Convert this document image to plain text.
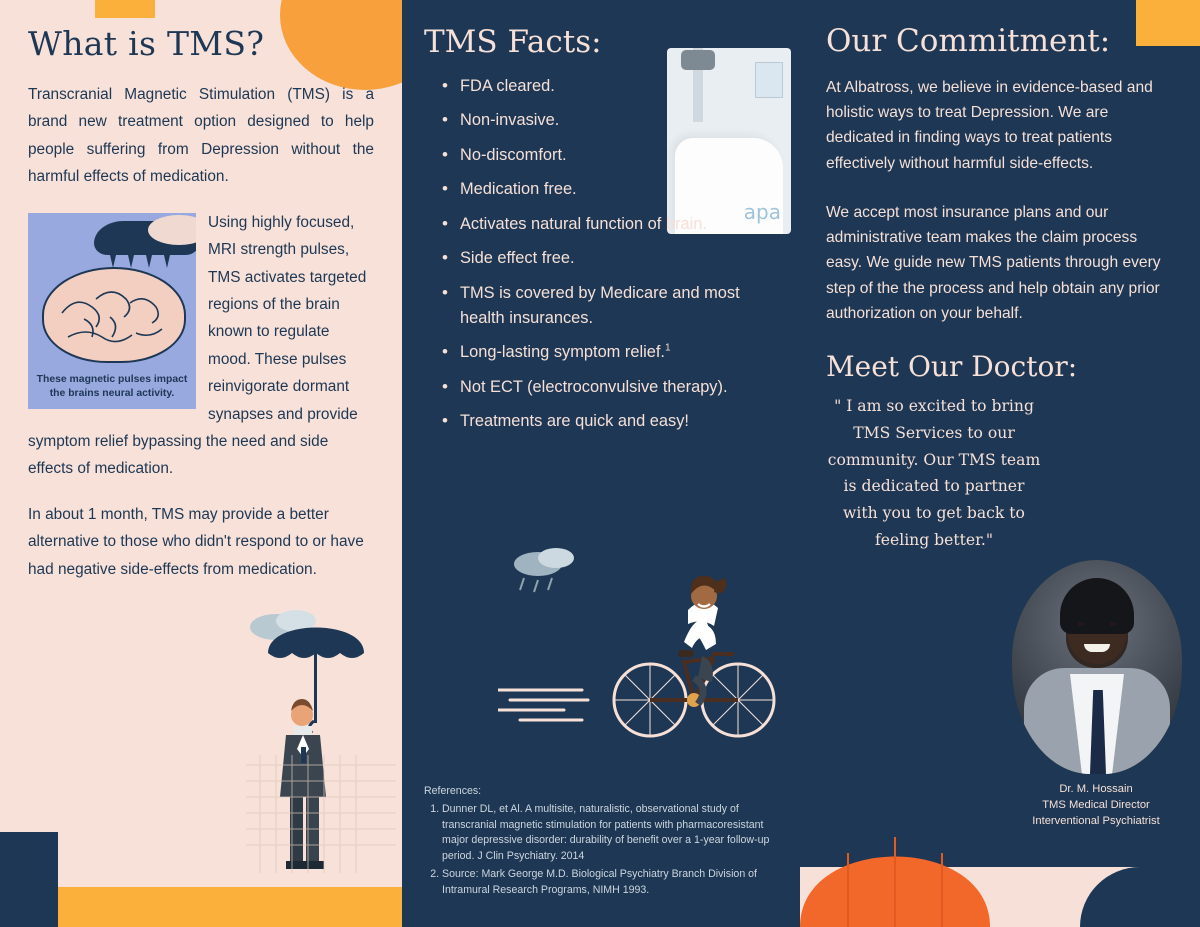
What is TMS?

Transcranial Magnetic Stimulation (TMS) is a brand new treatment option designed to help people suffering from Depression without the harmful effects of medication.

These magnetic pulses impact the brains neural activity.

Using highly focused, MRI strength pulses, TMS activates targeted regions of the brain known to regulate mood. These pulses reinvigorate dormant synapses and provide symptom relief bypassing the need and side effects of medication.

In about 1 month, TMS may provide a better alternative to those who didn't respond to or have had negative side-effects from medication.

TMS Facts:
apa
• FDA cleared.
• Non-invasive.
• No-discomfort.
• Medication free.
• Activates natural function of brain.
• Side effect free.
• TMS is covered by Medicare and most health insurances.
• Long-lasting symptom relief.$^1$
• Not ECT (electroconvulsive therapy).
• Treatments are quick and easy!
References:
1. Dunner DL, et Al. A multisite, naturalistic, observational study of transcranial magnetic stimulation for patients with pharmacoresistant major depressive disorder: durability of benefit over a 1-year follow-up period. J Clin Psychiatry. 2014
2. Source: Mark George M.D. Biological Psychiatry Branch Division of Intramural Research Programs, NIMH 1993.
Our Commitment:

At Albatross, we believe in evidence-based and holistic ways to treat Depression. We are dedicated in finding ways to treat patients effectively without harmful side-effects.

We accept most insurance plans and our administrative team makes the claim process easy. We guide new TMS patients through every step of the the process and help obtain any prior authorization on your behalf.

Meet Our Doctor:
" I am so excited to bring TMS Services to our community. Our TMS team is dedicated to partner with you to get back to feeling better."
Dr. M. Hossain
TMS Medical Director
Interventional Psychiatrist
